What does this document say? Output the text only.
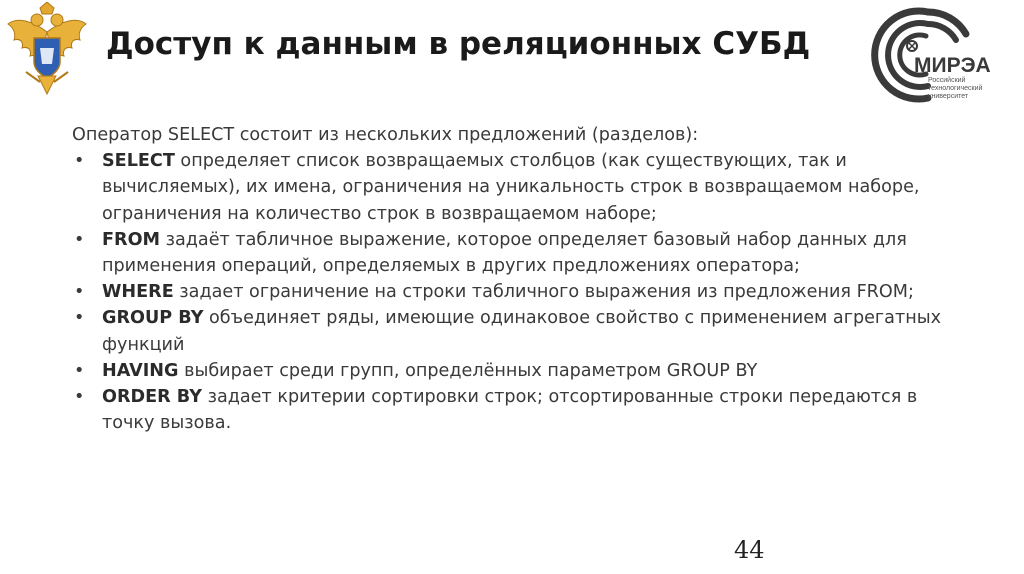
Доступ к данным в реляционных СУБД
МИРЭА
Российский
технологический
университет

Оператор SELECT состоит из нескольких предложений (разделов):

• SELECT определяет список возвращаемых столбцов (как существующих, так и вычисляемых), их имена, ограничения на уникальность строк в возвращаемом наборе, ограничения на количество строк в возвращаемом наборе;
• FROM задаёт табличное выражение, которое определяет базовый набор данных для применения операций, определяемых в других предложениях оператора;
• WHERE задает ограничение на строки табличного выражения из предложения FROM;
• GROUP BY объединяет ряды, имеющие одинаковое свойство с применением агрегатных функций
• HAVING выбирает среди групп, определённых параметром GROUP BY
• ORDER BY задает критерии сортировки строк; отсортированные строки передаются в точку вызова.
44
